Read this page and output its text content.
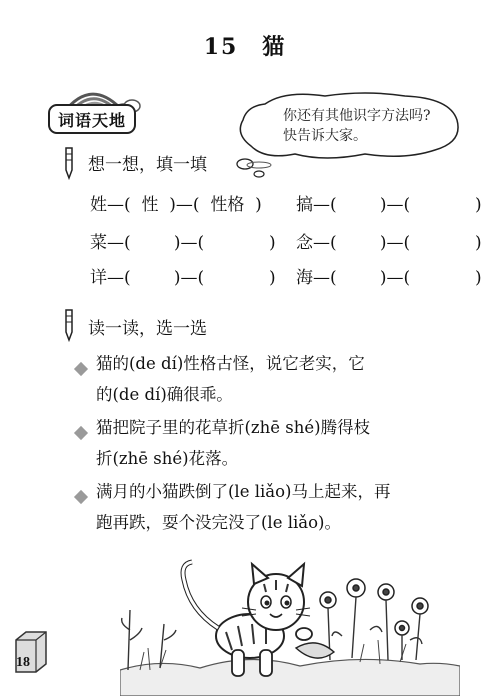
15　猫
词语天地	你还有其他识字方法吗?
快告诉大家。
想一想，填一填
姓—(  性  )—(  性格  ) 搞—(        )—(            )
菜—(        )—(            ) 念—(        )—(            )
详—(        )—(            ) 海—(        )—(            )
读一读，选一选
猫的(de dí)性格古怪，说它老实，它
的(de dí)确很乖。
猫把院子里的花草折(zhē shé)腾得枝
折(zhē shé)花落。
满月的小猫跌倒了(le liǎo)马上起来，再
跑再跌，耍个没完没了(le liǎo)。
18
